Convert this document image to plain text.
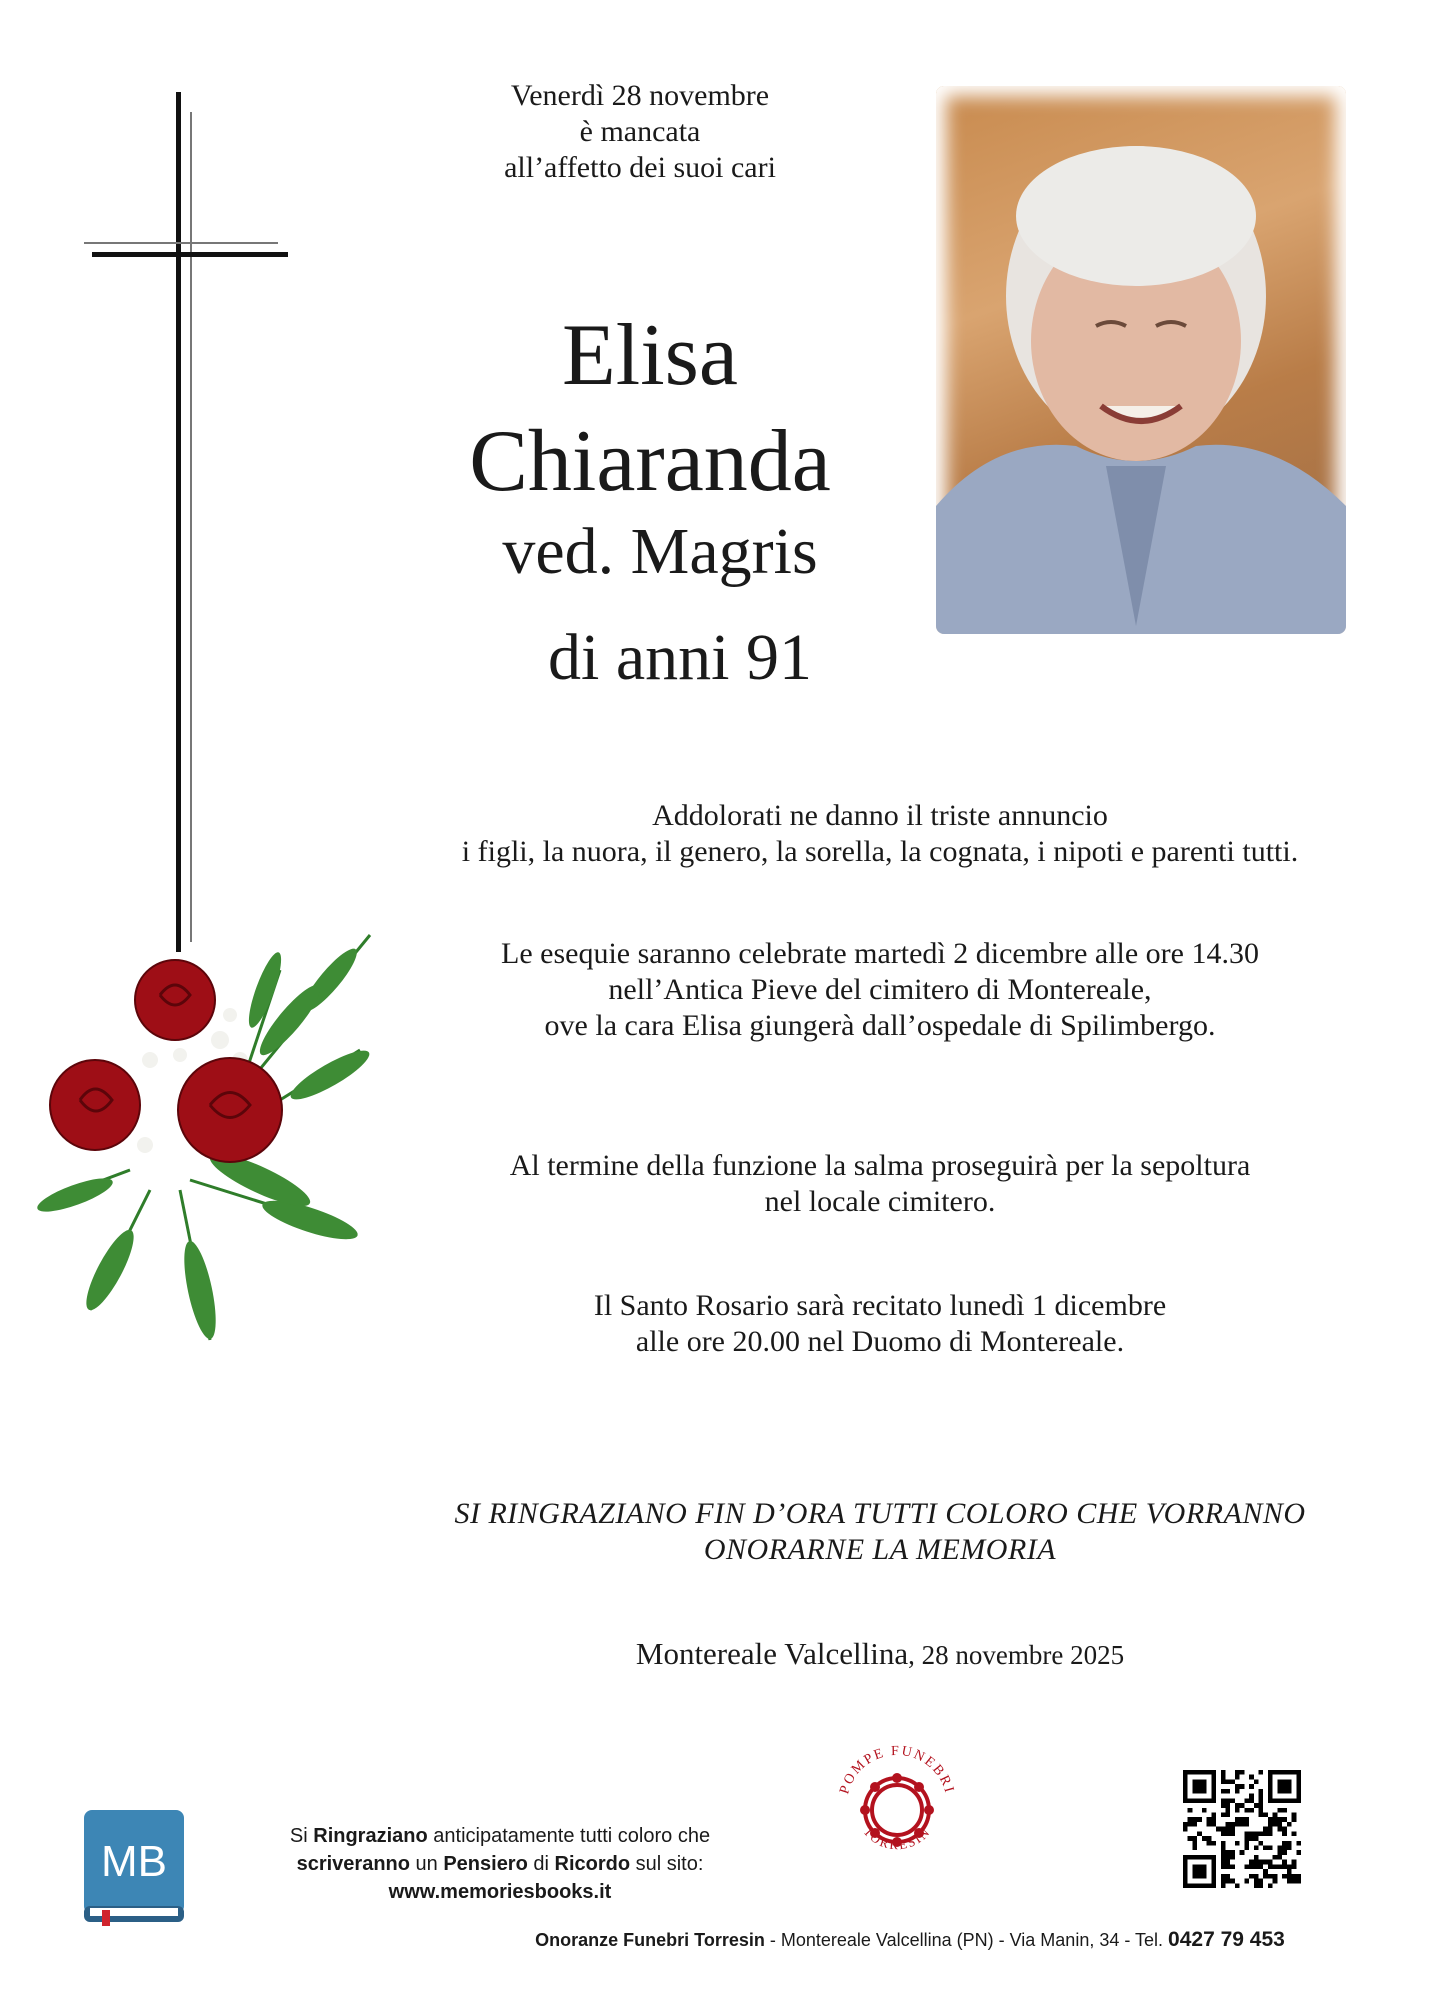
Venerdì 28 novembre
è mancata
all’affetto dei suoi cari
Elisa
Chiaranda
ved. Magris
di anni 91
Addolorati ne danno il triste annuncio
i figli, la nuora, il genero, la sorella, la cognata, i nipoti e parenti tutti.
Le esequie saranno celebrate martedì 2 dicembre alle ore 14.30
nell’Antica Pieve del cimitero di Montereale,
ove la cara Elisa giungerà dall’ospedale di Spilimbergo.
Al termine della funzione la salma proseguirà per la sepoltura
nel locale cimitero.
Il Santo Rosario sarà recitato lunedì 1 dicembre
alle ore 20.00 nel Duomo di Montereale.
SI RINGRAZIANO FIN D’ORA TUTTI COLORO CHE VORRANNO
ONORARNE LA MEMORIA
Montereale Valcellina, 28 novembre 2025
MB
Si Ringraziano anticipatamente tutti coloro che
scriveranno un Pensiero di Ricordo sul sito:
www.memoriesbooks.it
POMPE FUNEBRI
TORRESIN
Onoranze Funebri Torresin - Montereale Valcellina (PN) - Via Manin, 34 - Tel. 0427 79 453
